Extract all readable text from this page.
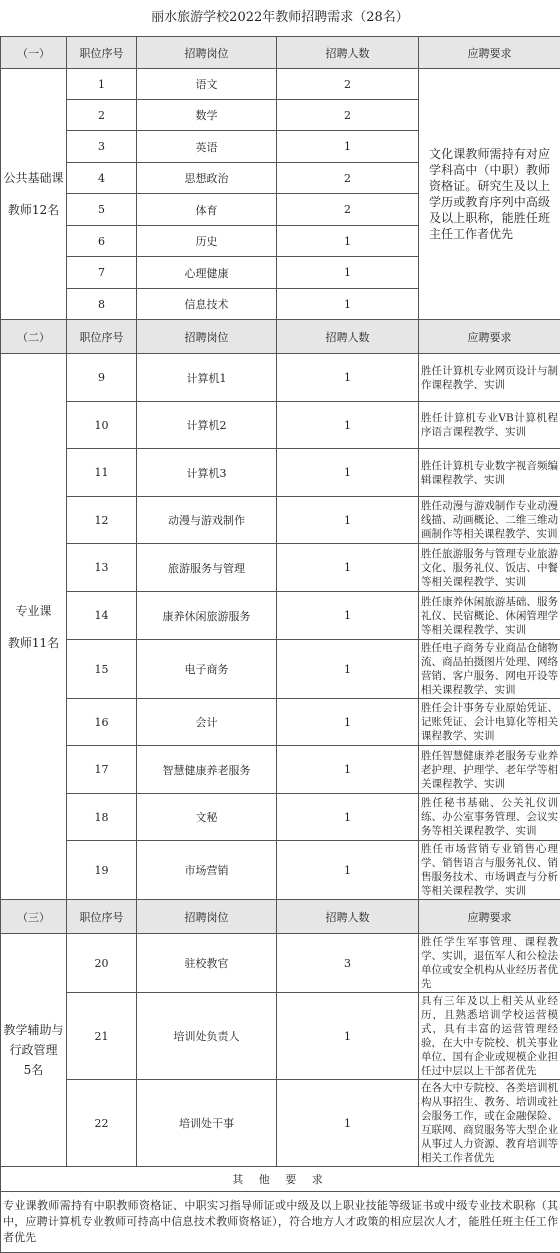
丽水旅游学校2022年教师招聘需求（28名）
（一）	职位序号	招聘岗位	招聘人数	应聘要求
公共基础课
教师12名	1	语文	2	文化课教师需持有对应学科高中（中职）教师资格证。研究生及以上学历或教育序列中高级及以上职称，能胜任班主任工作者优先
	2	数学	2	
	3	英语	1	
	4	思想政治	2	
	5	体育	2	
	6	历史	1	
	7	心理健康	1	
	8	信息技术	1	
（二）	职位序号	招聘岗位	招聘人数	应聘要求
专业课
教师11名	9	计算机1	1	胜任计算机专业网页设计与制作课程教学、实训
	10	计算机2	1	胜任计算机专业VB计算机程序语言课程教学、实训
	11	计算机3	1	胜任计算机专业数字视音频编辑课程教学、实训
	12	动漫与游戏制作	1	胜任动漫与游戏制作专业动漫线描、动画概论、二维三维动画制作等相关课程教学、实训
	13	旅游服务与管理	1	胜任旅游服务与管理专业旅游文化、服务礼仪、饭店、中餐等相关课程教学、实训
	14	康养休闲旅游服务	1	胜任康养休闲旅游基础、服务礼仪、民宿概论、休闲管理学等相关课程教学、实训
	15	电子商务	1	胜任电子商务专业商品仓储物流、商品拍摄图片处理、网络营销、客户服务、网电开设等相关课程教学、实训
	16	会计	1	胜任会计事务专业原始凭证、记账凭证、会计电算化等相关课程教学、实训
	17	智慧健康养老服务	1	胜任智慧健康养老服务专业养老护理、护理学、老年学等相关课程教学、实训
	18	文秘	1	胜任秘书基础、公关礼仪训练、办公室事务管理、会议实务等相关课程教学、实训
	19	市场营销	1	胜任市场营销专业销售心理学、销售语言与服务礼仪、销售服务技术、市场调查与分析等相关课程教学、实训
（三）	职位序号	招聘岗位	招聘人数	应聘要求
教学辅助与行政管理
5名	20	驻校教官	3	胜任学生军事管理、课程教学、实训，退伍军人和公检法单位或安全机构从业经历者优先
	21	培训处负责人	1	具有三年及以上相关从业经历，且熟悉培训学校运营模式，具有丰富的运营管理经验，在大中专院校、机关事业单位、国有企业或规模企业担任过中层以上干部者优先
	22	培训处干事	1	在各大中专院校、各类培训机构从事招生、教务、培训或社会服务工作，或在金融保险、互联网、商贸服务等大型企业从事过人力资源、教育培训等相关工作者优先
其 他 要 求				
专业课教师需持有中职教师资格证、中职实习指导师证或中级及以上职业技能等级证书或中级专业技术职称（其中，应聘计算机专业教师可持高中信息技术教师资格证），符合地方人才政策的相应层次人才，能胜任班主任工作者优先				
